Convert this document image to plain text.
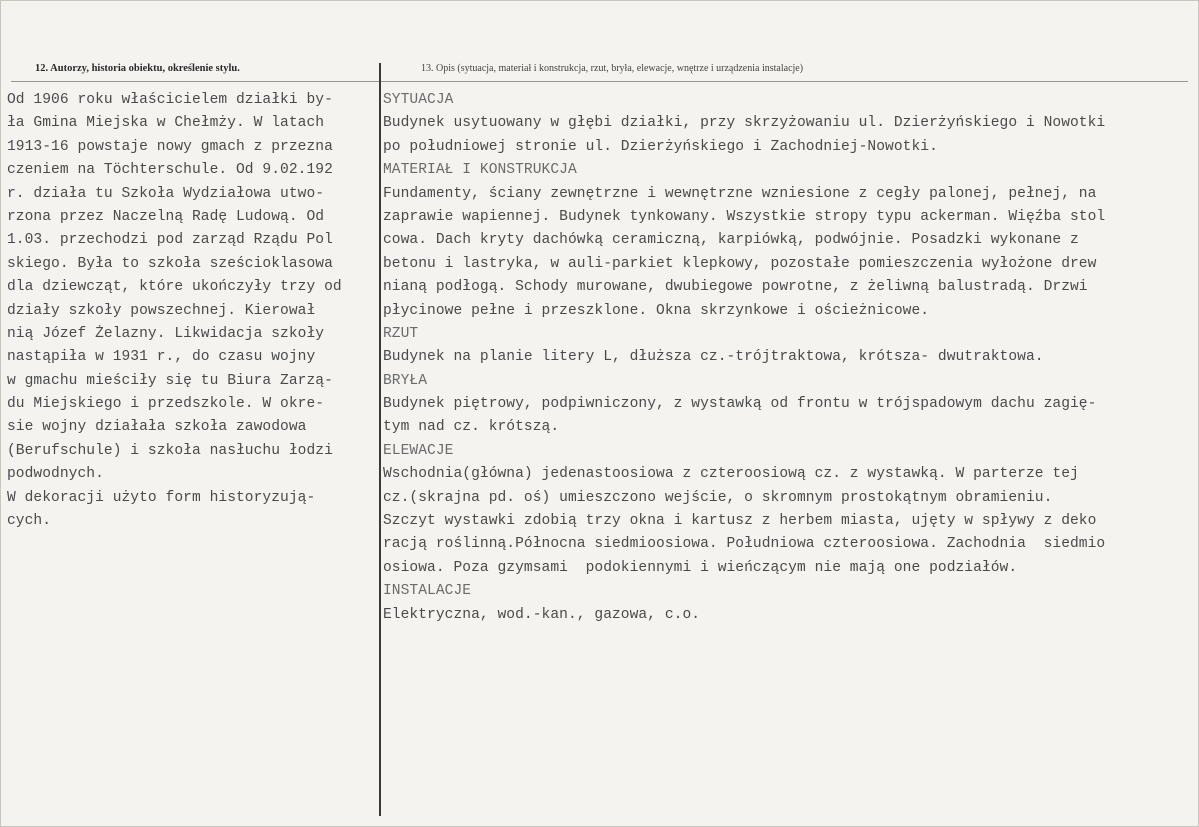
12. Autorzy, historia obiektu, określenie stylu.	13. Opis (sytuacja, materiał i konstrukcja, rzut, bryła, elewacje, wnętrze i urządzenia instalacje)
Od 1906 roku właścicielem działki by-
ła Gmina Miejska w Chełmży. W latach
1913-16 powstaje nowy gmach z przezna
czeniem na Töchterschule. Od 9.02.192
r. działa tu Szkoła Wydziałowa utwo-
rzona przez Naczelną Radę Ludową. Od
1.03. przechodzi pod zarząd Rządu Pol
skiego. Była to szkoła sześcioklasowa
dla dziewcząt, które ukończyły trzy od
działy szkoły powszechnej. Kierował
nią Józef Żelazny. Likwidacja szkoły
nastąpiła w 1931 r., do czasu wojny
w gmachu mieściły się tu Biura Zarzą-
du Miejskiego i przedszkole. W okre-
sie wojny działała szkoła zawodowa
(Berufschule) i szkoła nasłuchu łodzi
podwodnych.
W dekoracji użyto form historyzują-
cych.
SYTUACJA
Budynek usytuowany w głębi działki, przy skrzyżowaniu ul. Dzierżyńskiego i Nowotki
po południowej stronie ul. Dzierżyńskiego i Zachodniej-Nowotki.
MATERIAŁ I KONSTRUKCJA
Fundamenty, ściany zewnętrzne i wewnętrzne wzniesione z cegły palonej, pełnej, na
zaprawie wapiennej. Budynek tynkowany. Wszystkie stropy typu ackerman. Więźba stol
cowa. Dach kryty dachówką ceramiczną, karpiówką, podwójnie. Posadzki wykonane z
betonu i lastryka, w auli-parkiet klepkowy, pozostałe pomieszczenia wyłożone drew
nianą podłogą. Schody murowane, dwubiegowe powrotne, z żeliwną balustradą. Drzwi
płycinowe pełne i przeszklone. Okna skrzynkowe i ościeżnicowe.
RZUT
Budynek na planie litery L, dłuższa cz.-trójtraktowa, krótsza- dwutraktowa.
BRYŁA
Budynek piętrowy, podpiwniczony, z wystawką od frontu w trójspadowym dachu zagię-
tym nad cz. krótszą.
ELEWACJE
Wschodnia(główna) jedenastoosiowa z czteroosiową cz. z wystawką. W parterze tej
cz.(skrajna pd. oś) umieszczono wejście, o skromnym prostokątnym obramieniu.
Szczyt wystawki zdobią trzy okna i kartusz z herbem miasta, ujęty w spływy z deko
racją roślinną.Północna siedmioosiowa. Południowa czteroosiowa. Zachodnia  siedmio
osiowa. Poza gzymsami  podokiennymi i wieńczącym nie mają one podziałów.
INSTALACJE
Elektryczna, wod.-kan., gazowa, c.o.
